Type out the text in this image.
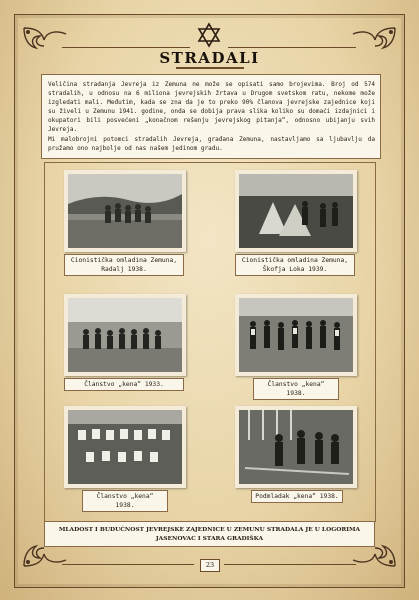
STRADALI

Veličina stradanja Jevreja iz Zemuna ne može se opisati samo brojevima. Broj od 574 stradalih, u odnosu na 6 miliona jevrejskih žrtava u Drugom svetskom ratu, nekome može izgledati mali. Međutim, kada se zna da je to preko 90% članova jevrejske zajednice koji su živeli u Zemunu 1941. godine, onda se dobija prava slika koliko su domaći izdajnici i okupatori bili posvećeni „konačnom rešenju jevrejskog pitanja“, odnosno ubijanju svih Jevreja.

Mi malobrojni potomci stradalih Jevreja, građana Zemuna, nastavljamo sa ljubavlju da pružamo ono najbolje od nas našem jedinom gradu.

Cionistička omladina Zemuna, Radalj 1938.
Cionistička omladina Zemuna, Škofja Loka 1939.
Članstvo „kena“ 1933.	Članstvo „kena“ 1938.
Članstvo „kena“ 1938.
Podmladak „kena“ 1938.
MLADOST I BUDUĆNOST JEVREJSKE ZAJEDNICE U ZEMUNU STRADALA JE U LOGORIMA JASENOVAC I STARA GRADIŠKA
23
